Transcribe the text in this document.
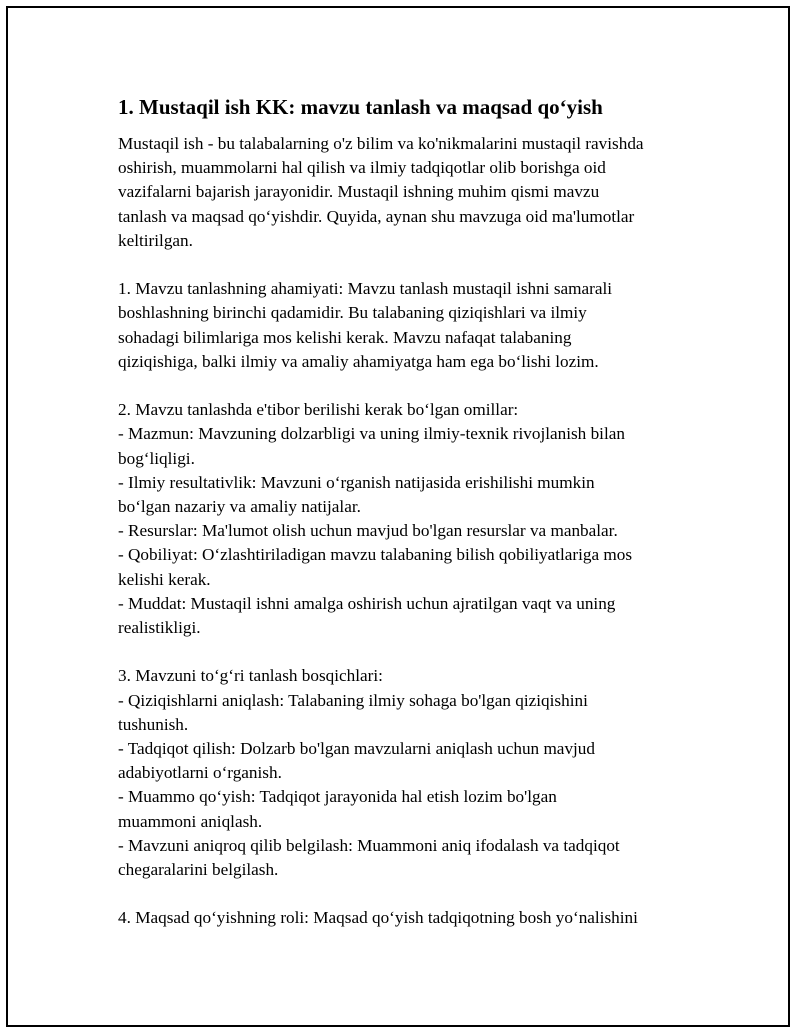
1. Mustaqil ish KK: mavzu tanlash va maqsad qo‘yish

Mustaqil ish - bu talabalarning o'z bilim va ko'nikmalarini mustaqil ravishda
oshirish, muammolarni hal qilish va ilmiy tadqiqotlar olib borishga oid
vazifalarni bajarish jarayonidir. Mustaqil ishning muhim qismi mavzu
tanlash va maqsad qo‘yishdir. Quyida, aynan shu mavzuga oid ma'lumotlar
keltirilgan.

1. Mavzu tanlashning ahamiyati: Mavzu tanlash mustaqil ishni samarali
boshlashning birinchi qadamidir. Bu talabaning qiziqishlari va ilmiy
sohadagi bilimlariga mos kelishi kerak. Mavzu nafaqat talabaning
qiziqishiga, balki ilmiy va amaliy ahamiyatga ham ega bo‘lishi lozim.

2. Mavzu tanlashda e'tibor berilishi kerak bo‘lgan omillar:
- Mazmun: Mavzuning dolzarbligi va uning ilmiy-texnik rivojlanish bilan
bog‘liqligi.
- Ilmiy resultativlik: Mavzuni o‘rganish natijasida erishilishi mumkin
bo‘lgan nazariy va amaliy natijalar.
- Resurslar: Ma'lumot olish uchun mavjud bo'lgan resurslar va manbalar.
- Qobiliyat: O‘zlashtiriladigan mavzu talabaning bilish qobiliyatlariga mos
kelishi kerak.
- Muddat: Mustaqil ishni amalga oshirish uchun ajratilgan vaqt va uning
realistikligi.

3. Mavzuni to‘g‘ri tanlash bosqichlari:
- Qiziqishlarni aniqlash: Talabaning ilmiy sohaga bo'lgan qiziqishini
tushunish.
- Tadqiqot qilish: Dolzarb bo'lgan mavzularni aniqlash uchun mavjud
adabiyotlarni o‘rganish.
- Muammo qo‘yish: Tadqiqot jarayonida hal etish lozim bo'lgan
muammoni aniqlash.
- Mavzuni aniqroq qilib belgilash: Muammoni aniq ifodalash va tadqiqot
chegaralarini belgilash.

4. Maqsad qo‘yishning roli: Maqsad qo‘yish tadqiqotning bosh yo‘nalishini
